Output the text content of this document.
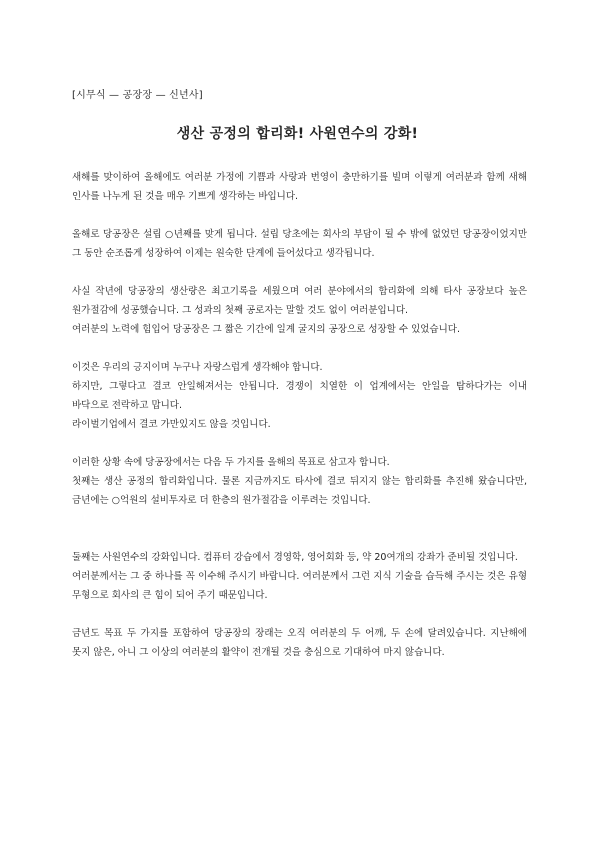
[시무식 — 공장장 — 신년사]
생산 공정의 합리화! 사원연수의 강화!

새해를 맞이하여 올해에도 여러분 가정에 기쁨과 사랑과 번영이 충만하기를 빌며 이렇게 여러분과 함께 새해 인사를 나누게 된 것을 매우 기쁘게 생각하는 바입니다.

올해로 당공장은 설립 ○년째를 맞게 됩니다. 설립 당초에는 회사의 부담이 될 수 밖에 없었던 당공장이었지만 그 동안 순조롭게 성장하여 이제는 원숙한 단계에 들어섰다고 생각됩니다.

사실 작년에 당공장의 생산량은 최고기록을 세웠으며 여러 분야에서의 합리화에 의해 타사 공장보다 높은 원가절감에 성공했습니다. 그 성과의 첫째 공로자는 말할 것도 없이 여러분입니다.

여러분의 노력에 힘입어 당공장은 그 짧은 기간에 일계 굴지의 공장으로 성장할 수 있었습니다.

이것은 우리의 긍지이며 누구나 자랑스럽게 생각해야 합니다.

하지만, 그렇다고 결코 안일해져서는 안됩니다. 경쟁이 치열한 이 업계에서는 안일을 탐하다가는 이내 바닥으로 전락하고 맙니다.

라이벌기업에서 결코 가만있지도 않을 것입니다.

이러한 상황 속에 당공장에서는 다음 두 가지를 올해의 목표로 삼고자 합니다.

첫째는 생산 공정의 합리화입니다. 물론 지금까지도 타사에 결코 뒤지지 않는 합리화를 추진해 왔습니다만, 금년에는 ○억원의 설비투자로 더 한층의 원가절감을 이루려는 것입니다.

둘째는 사원연수의 강화입니다. 컴퓨터 강습에서 경영학, 영어회화 등, 약 20여개의 강좌가 준비될 것입니다.

여러분께서는 그 중 하나를 꼭 이수해 주시기 바랍니다. 여러분께서 그런 지식 기술을 습득해 주시는 것은 유형 무형으로 회사의 큰 힘이 되어 주기 때문입니다.

금년도 목표 두 가지를 포함하여 당공장의 장래는 오직 여러분의 두 어깨, 두 손에 달려있습니다. 지난해에 못지 않은, 아니 그 이상의 여러분의 활약이 전개될 것을 충심으로 기대하여 마지 않습니다.
